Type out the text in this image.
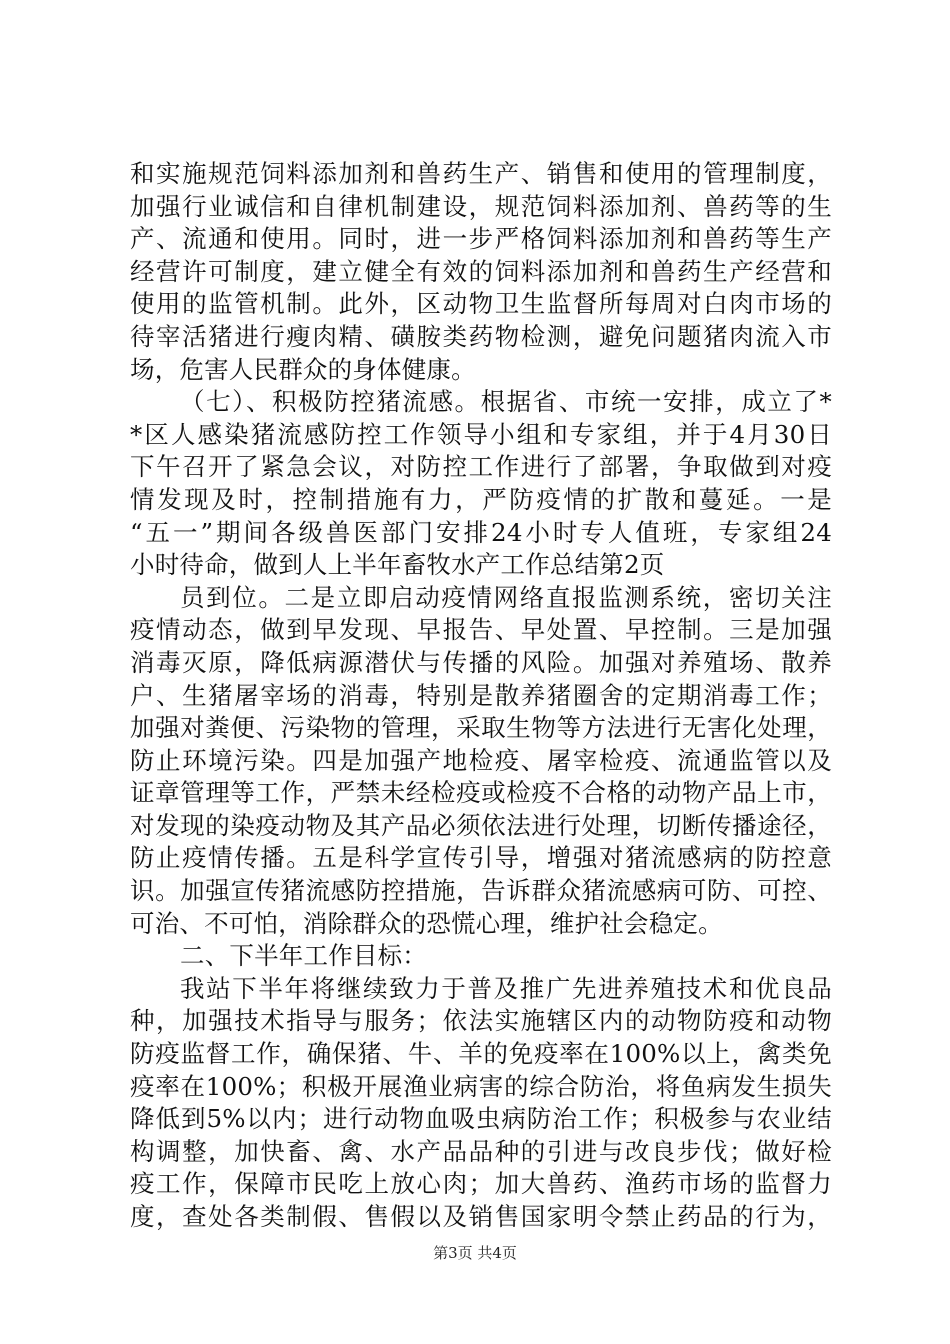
和实施规范饲料添加剂和兽药生产、销售和使用的管理制度，
加强行业诚信和自律机制建设，规范饲料添加剂、兽药等的生
产、流通和使用。同时，进一步严格饲料添加剂和兽药等生产
经营许可制度，建立健全有效的饲料添加剂和兽药生产经营和
使用的监管机制。此外，区动物卫生监督所每周对白肉市场的
待宰活猪进行瘦肉精、磺胺类药物检测，避免问题猪肉流入市
场，危害人民群众的身体健康。
（七）、积极防控猪流感。根据省、市统一安排，成立了*
*区人感染猪流感防控工作领导小组和专家组，并于4月30日
下午召开了紧急会议，对防控工作进行了部署，争取做到对疫
情发现及时，控制措施有力，严防疫情的扩散和蔓延。一是
“五一”期间各级兽医部门安排24小时专人值班，专家组24
小时待命，做到人上半年畜牧水产工作总结第2页
员到位。二是立即启动疫情网络直报监测系统，密切关注
疫情动态，做到早发现、早报告、早处置、早控制。三是加强
消毒灭原，降低病源潜伏与传播的风险。加强对养殖场、散养
户、生猪屠宰场的消毒，特别是散养猪圈舍的定期消毒工作；
加强对粪便、污染物的管理，采取生物等方法进行无害化处理，
防止环境污染。四是加强产地检疫、屠宰检疫、流通监管以及
证章管理等工作，严禁未经检疫或检疫不合格的动物产品上市，
对发现的染疫动物及其产品必须依法进行处理，切断传播途径，
防止疫情传播。五是科学宣传引导，增强对猪流感病的防控意
识。加强宣传猪流感防控措施，告诉群众猪流感病可防、可控、
可治、不可怕，消除群众的恐慌心理，维护社会稳定。
二、下半年工作目标：
我站下半年将继续致力于普及推广先进养殖技术和优良品
种，加强技术指导与服务；依法实施辖区内的动物防疫和动物
防疫监督工作，确保猪、牛、羊的免疫率在100%以上，禽类免
疫率在100%；积极开展渔业病害的综合防治，将鱼病发生损失
降低到5%以内；进行动物血吸虫病防治工作；积极参与农业结
构调整，加快畜、禽、水产品品种的引进与改良步伐；做好检
疫工作，保障市民吃上放心肉；加大兽药、渔药市场的监督力
度，查处各类制假、售假以及销售国家明令禁止药品的行为，
第3页 共4页
